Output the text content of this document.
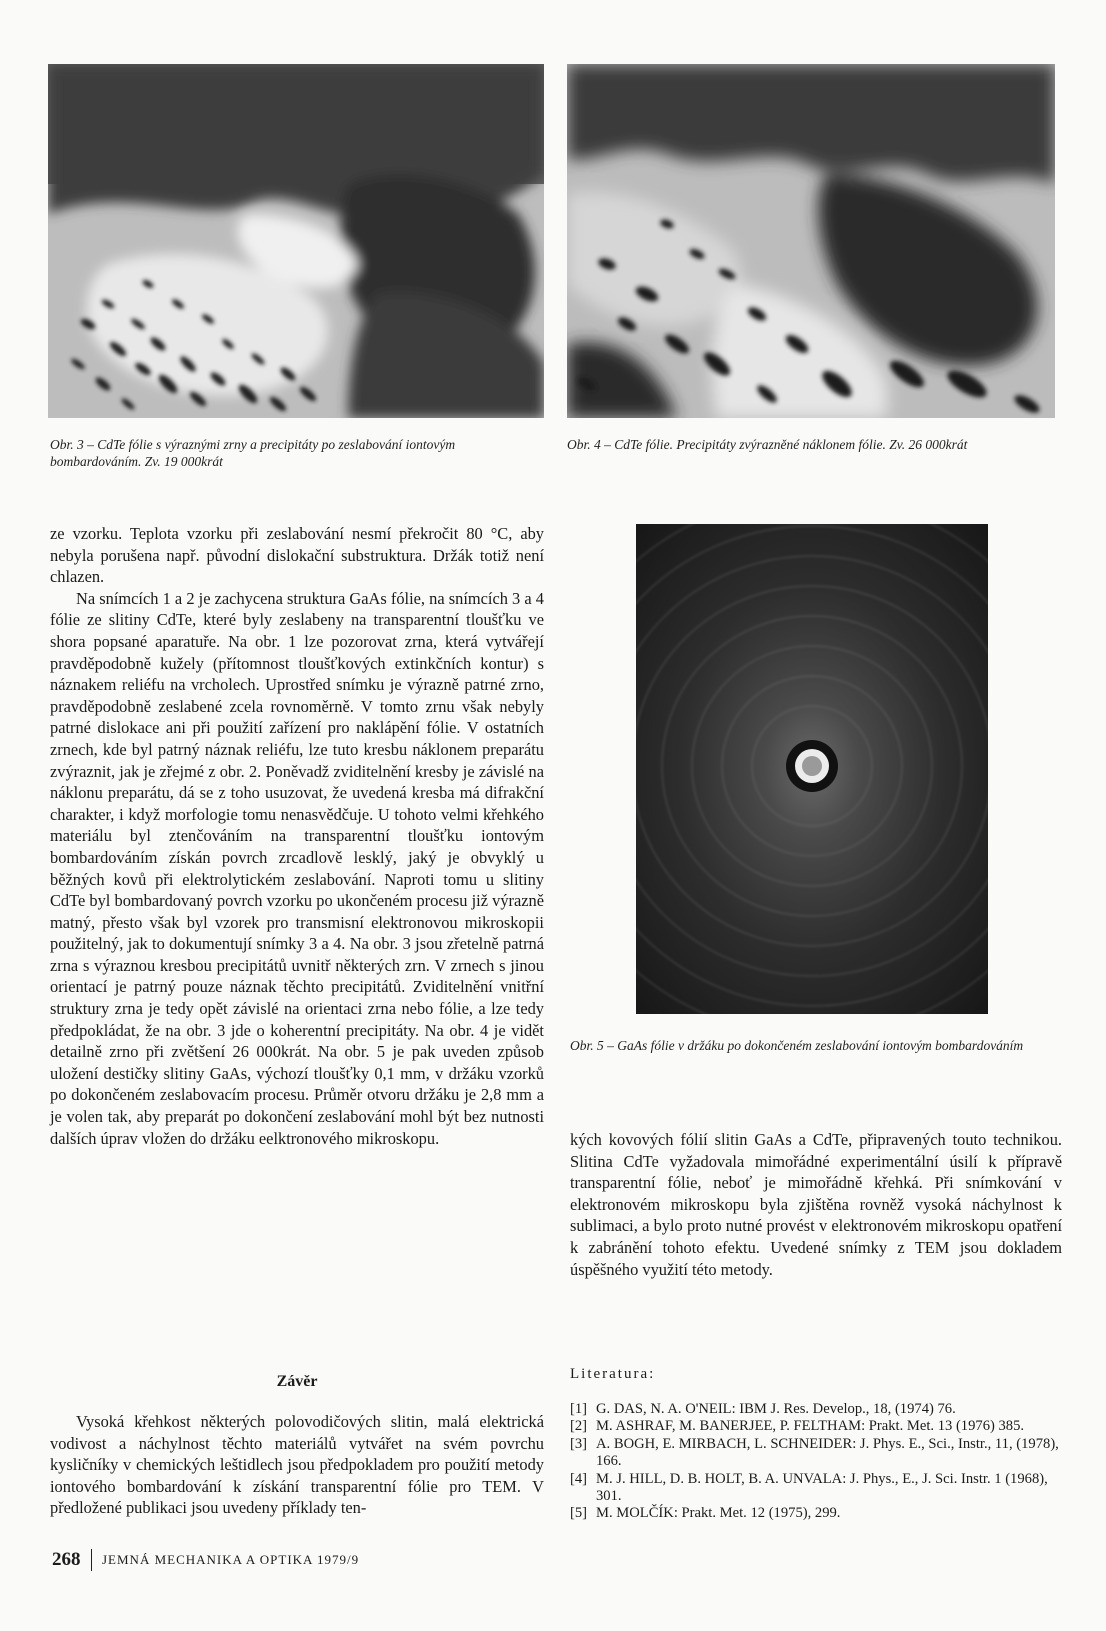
Obr. 3 – CdTe fólie s výraznými zrny a precipitáty po zeslabování iontovým bombardováním. Zv. 19 000krát
Obr. 4 – CdTe fólie. Precipitáty zvýrazněné náklonem fólie. Zv. 26 000krát

ze vzorku. Teplota vzorku při zeslabování nesmí překročit 80 °C, aby nebyla porušena např. původní dislokační substruktura. Držák totiž není chlazen.

Na snímcích 1 a 2 je zachycena struktura GaAs fólie, na snímcích 3 a 4 fólie ze slitiny CdTe, které byly zeslabeny na transparentní tloušťku ve shora popsané aparatuře. Na obr. 1 lze pozorovat zrna, která vytvářejí pravděpodobně kužely (přítomnost tloušťkových extinkčních kontur) s náznakem reliéfu na vrcholech. Uprostřed snímku je výrazně patrné zrno, pravděpodobně zeslabené zcela rovnoměrně. V tomto zrnu však nebyly patrné dislokace ani při použití zařízení pro naklápění fólie. V ostatních zrnech, kde byl patrný náznak reliéfu, lze tuto kresbu náklonem preparátu zvýraznit, jak je zřejmé z obr. 2. Poněvadž zviditelnění kresby je závislé na náklonu preparátu, dá se z toho usuzovat, že uvedená kresba má difrakční charakter, i když morfologie tomu nenasvědčuje. U tohoto velmi křehkého materiálu byl ztenčováním na transparentní tloušťku iontovým bombardováním získán povrch zrcadlově lesklý, jaký je obvyklý u běžných kovů při elektrolytickém zeslabování. Naproti tomu u slitiny CdTe byl bombardovaný povrch vzorku po ukončeném procesu již výrazně matný, přesto však byl vzorek pro transmisní elektronovou mikroskopii použitelný, jak to dokumentují snímky 3 a 4. Na obr. 3 jsou zřetelně patrná zrna s výraznou kresbou precipitátů uvnitř některých zrn. V zrnech s jinou orientací je patrný pouze náznak těchto precipitátů. Zviditelnění vnitřní struktury zrna je tedy opět závislé na orientaci zrna nebo fólie, a lze tedy předpokládat, že na obr. 3 jde o koherentní precipitáty. Na obr. 4 je vidět detailně zrno při zvětšení 26 000krát. Na obr. 5 je pak uveden způsob uložení destičky slitiny GaAs, výchozí tloušťky 0,1 mm, v držáku vzorků po dokončeném zeslabovacím procesu. Průměr otvoru držáku je 2,8 mm a je volen tak, aby preparát po dokončení zeslabování mohl být bez nutnosti dalších úprav vložen do držáku eelktronového mikroskopu.

Závěr

Vysoká křehkost některých polovodičových slitin, malá elektrická vodivost a náchylnost těchto materiálů vytvářet na svém povrchu kysličníky v chemických leštidlech jsou předpokladem pro použití metody iontového bombardování k získání transparentní fólie pro TEM. V předložené publikaci jsou uvedeny příklady ten-

Obr. 5 – GaAs fólie v držáku po dokončeném zeslabování iontovým bombardováním

kých kovových fólií slitin GaAs a CdTe, připravených touto technikou. Slitina CdTe vyžadovala mimořádné experimentální úsilí k přípravě transparentní fólie, neboť je mimořádně křehká. Při snímkování v elektronovém mikroskopu byla zjištěna rovněž vysoká náchylnost k sublimaci, a bylo proto nutné provést v elektronovém mikroskopu opatření k zabránění tohoto efektu. Uvedené snímky z TEM jsou dokladem úspěšného využití této metody.

Literatura:
[1] G. DAS, N. A. O'NEIL: IBM J. Res. Develop., 18, (1974) 76.
[2] M. ASHRAF, M. BANERJEE, P. FELTHAM: Prakt. Met. 13 (1976) 385.
[3] A. BOGH, E. MIRBACH, L. SCHNEIDER: J. Phys. E., Sci., Instr., 11, (1978), 166.
[4] M. J. HILL, D. B. HOLT, B. A. UNVALA: J. Phys., E., J. Sci. Instr. 1 (1968), 301.
[5] M. MOLČÍK: Prakt. Met. 12 (1975), 299.
268 JEMNÁ MECHANIKA A OPTIKA 1979/9
